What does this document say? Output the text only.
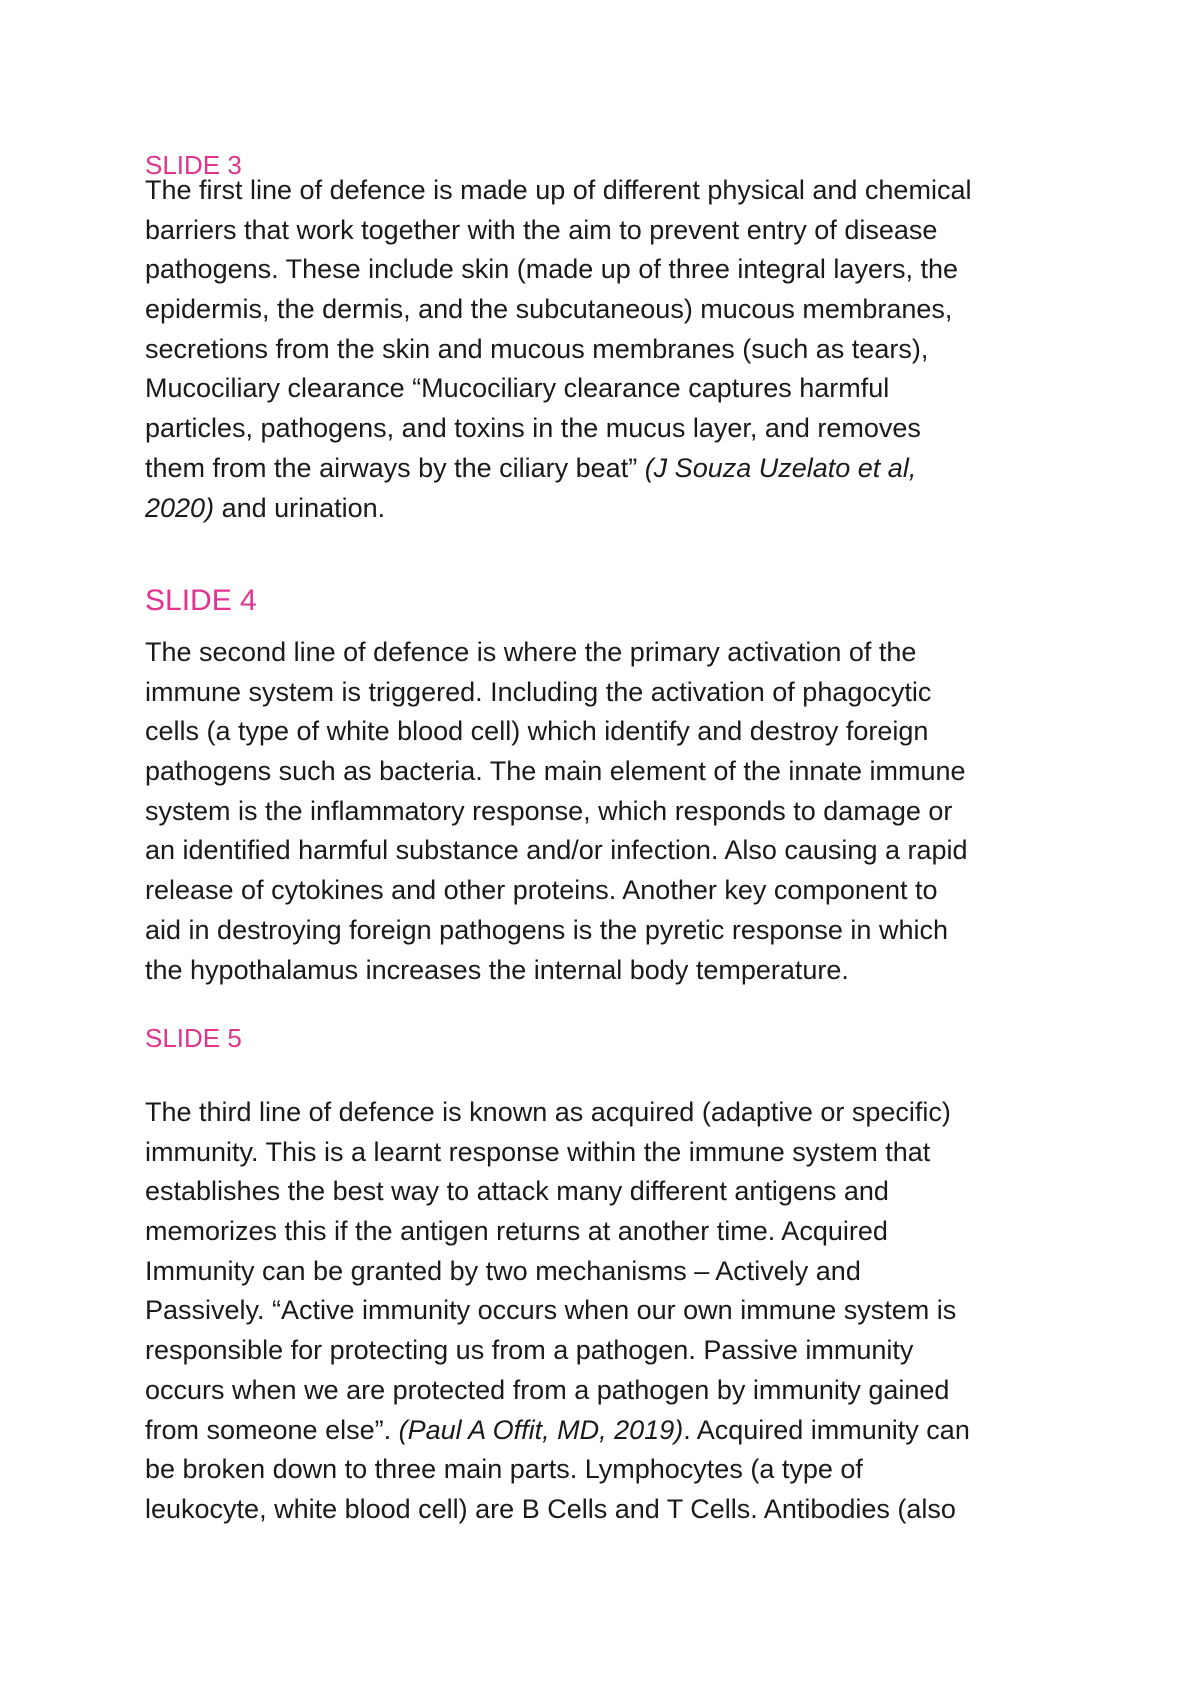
SLIDE 3
The first line of defence is made up of different physical and chemical
barriers that work together with the aim to prevent entry of disease
pathogens. These include skin (made up of three integral layers, the
epidermis, the dermis, and the subcutaneous) mucous membranes,
secretions from the skin and mucous membranes (such as tears),
Mucociliary clearance “Mucociliary clearance captures harmful
particles, pathogens, and toxins in the mucus layer, and removes
them from the airways by the ciliary beat” (J Souza Uzelato et al,
2020) and urination.
SLIDE 4
The second line of defence is where the primary activation of the
immune system is triggered. Including the activation of phagocytic
cells (a type of white blood cell) which identify and destroy foreign
pathogens such as bacteria. The main element of the innate immune
system is the inflammatory response, which responds to damage or
an identified harmful substance and/or infection. Also causing a rapid
release of cytokines and other proteins. Another key component to
aid in destroying foreign pathogens is the pyretic response in which
the hypothalamus increases the internal body temperature.
SLIDE 5
The third line of defence is known as acquired (adaptive or specific)
immunity. This is a learnt response within the immune system that
establishes the best way to attack many different antigens and
memorizes this if the antigen returns at another time. Acquired
Immunity can be granted by two mechanisms – Actively and
Passively. “Active immunity occurs when our own immune system is
responsible for protecting us from a pathogen. Passive immunity
occurs when we are protected from a pathogen by immunity gained
from someone else”. (Paul A Offit, MD, 2019). Acquired immunity can
be broken down to three main parts. Lymphocytes (a type of
leukocyte, white blood cell) are B Cells and T Cells. Antibodies (also
